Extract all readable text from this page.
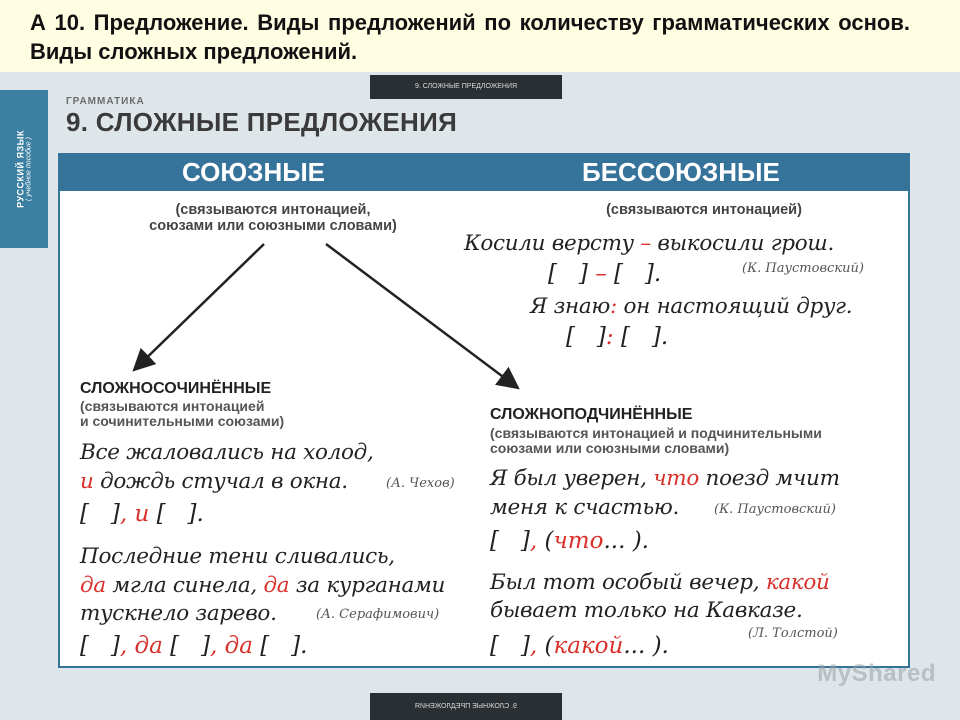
А 10. Предложение. Виды предложений по количеству грамматических основ. Виды сложных предложений.
9. СЛОЖНЫЕ ПРЕДЛОЖЕНИЯ
9. СЛОЖНЫЕ ПРЕДЛОЖЕНИЯ
РУССКИЙ ЯЗЫК ( учебное пособие )
ГРАММАТИКА
9. СЛОЖНЫЕ ПРЕДЛОЖЕНИЯ
СОЮЗНЫЕ	БЕССОЮЗНЫЕ
(связываются интонацией,
союзами или союзными словами)
(связываются интонацией)

Косили версту – выкосили грош.

(К. Паустовский)

[   ] – [   ].

Я знаю: он настоящий друг.

[   ]: [   ].

СЛОЖНОСОЧИНЁННЫЕ
(связываются интонацией
и сочинительными союзами)

Все жаловались на холод,

и дождь стучал в окна.	(А. Чехов)

[   ], и [   ].

Последние тени сливались,

да мгла синела, да за курганами

тускнело зарево.	(А. Серафимович)

[   ], да [   ], да [   ].

СЛОЖНОПОДЧИНЁННЫЕ
(связываются интонацией и подчинительными
союзами или союзными словами)

Я был уверен, что поезд мчит

меня к счастью.	(К. Паустовский)

[   ], (что... ).

Был тот особый вечер, какой

бывает только на Кавказе.

(Л. Толстой)

[   ], (какой... ).

MyShared
